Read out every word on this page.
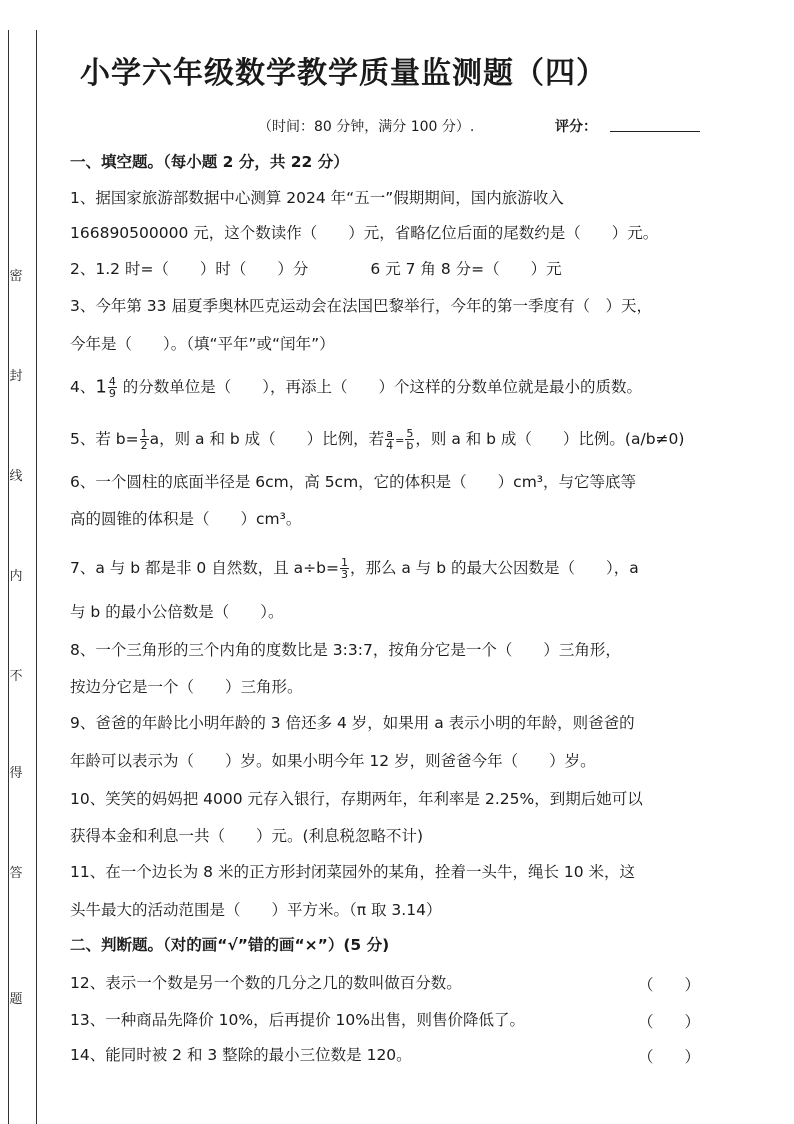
密
封
线
内
不
得
答
题
小学六年级数学教学质量监测题（四）
（时间：80 分钟，满分 100 分）.	评分：
一、填空题。（每小题 2 分，共 22 分）
1、据国家旅游部数据中心测算 2024 年“五一”假期期间，国内旅游收入
166890500000 元，这个数读作（　　）元，省略亿位后面的尾数约是（　　）元。
2、1.2 时=（　　）时（　　）分　　　　6 元 7 角 8 分=（　　）元
3、今年第 33 届夏季奥林匹克运动会在法国巴黎举行，今年的第一季度有（　）天，
今年是（　　）。（填“平年”或“闰年”）
4、$1 \frac{4}{9}$ 的分数单位是（　　），再添上（　　）个这样的分数单位就是最小的质数。
5、若 $b= \frac{1}{2}$ a，则 a 和 b 成（　　）比例，若 $\frac{a}{4} = \frac{5}{b}$ ，则 a 和 b 成（　　）比例。(a/b≠0)
6、一个圆柱的底面半径是 6cm，高 5cm，它的体积是（　　）cm³，与它等底等
高的圆锥的体积是（　　）cm³。
7、a 与 b 都是非 0 自然数，且 $a\div b= \frac{1}{3}$ ，那么 a 与 b 的最大公因数是（　　），a
与 b 的最小公倍数是（　　）。
8、一个三角形的三个内角的度数比是 3:3:7，按角分它是一个（　　）三角形，
按边分它是一个（　　）三角形。
9、爸爸的年龄比小明年龄的 3 倍还多 4 岁，如果用 a 表示小明的年龄，则爸爸的
年龄可以表示为（　　）岁。如果小明今年 12 岁，则爸爸今年（　　）岁。
10、笑笑的妈妈把 4000 元存入银行，存期两年，年利率是 2.25%，到期后她可以
获得本金和利息一共（　　）元。(利息税忽略不计)
11、在一个边长为 8 米的正方形封闭菜园外的某角，拴着一头牛，绳长 10 米，这
头牛最大的活动范围是（　　）平方米。（π 取 3.14）
二、判断题。（对的画“√”错的画“×”）(5 分)
12、表示一个数是另一个数的几分之几的数叫做百分数。	（　　）
13、一种商品先降价 10%，后再提价 10%出售，则售价降低了。	（　　）
14、能同时被 2 和 3 整除的最小三位数是 120。	（　　）
